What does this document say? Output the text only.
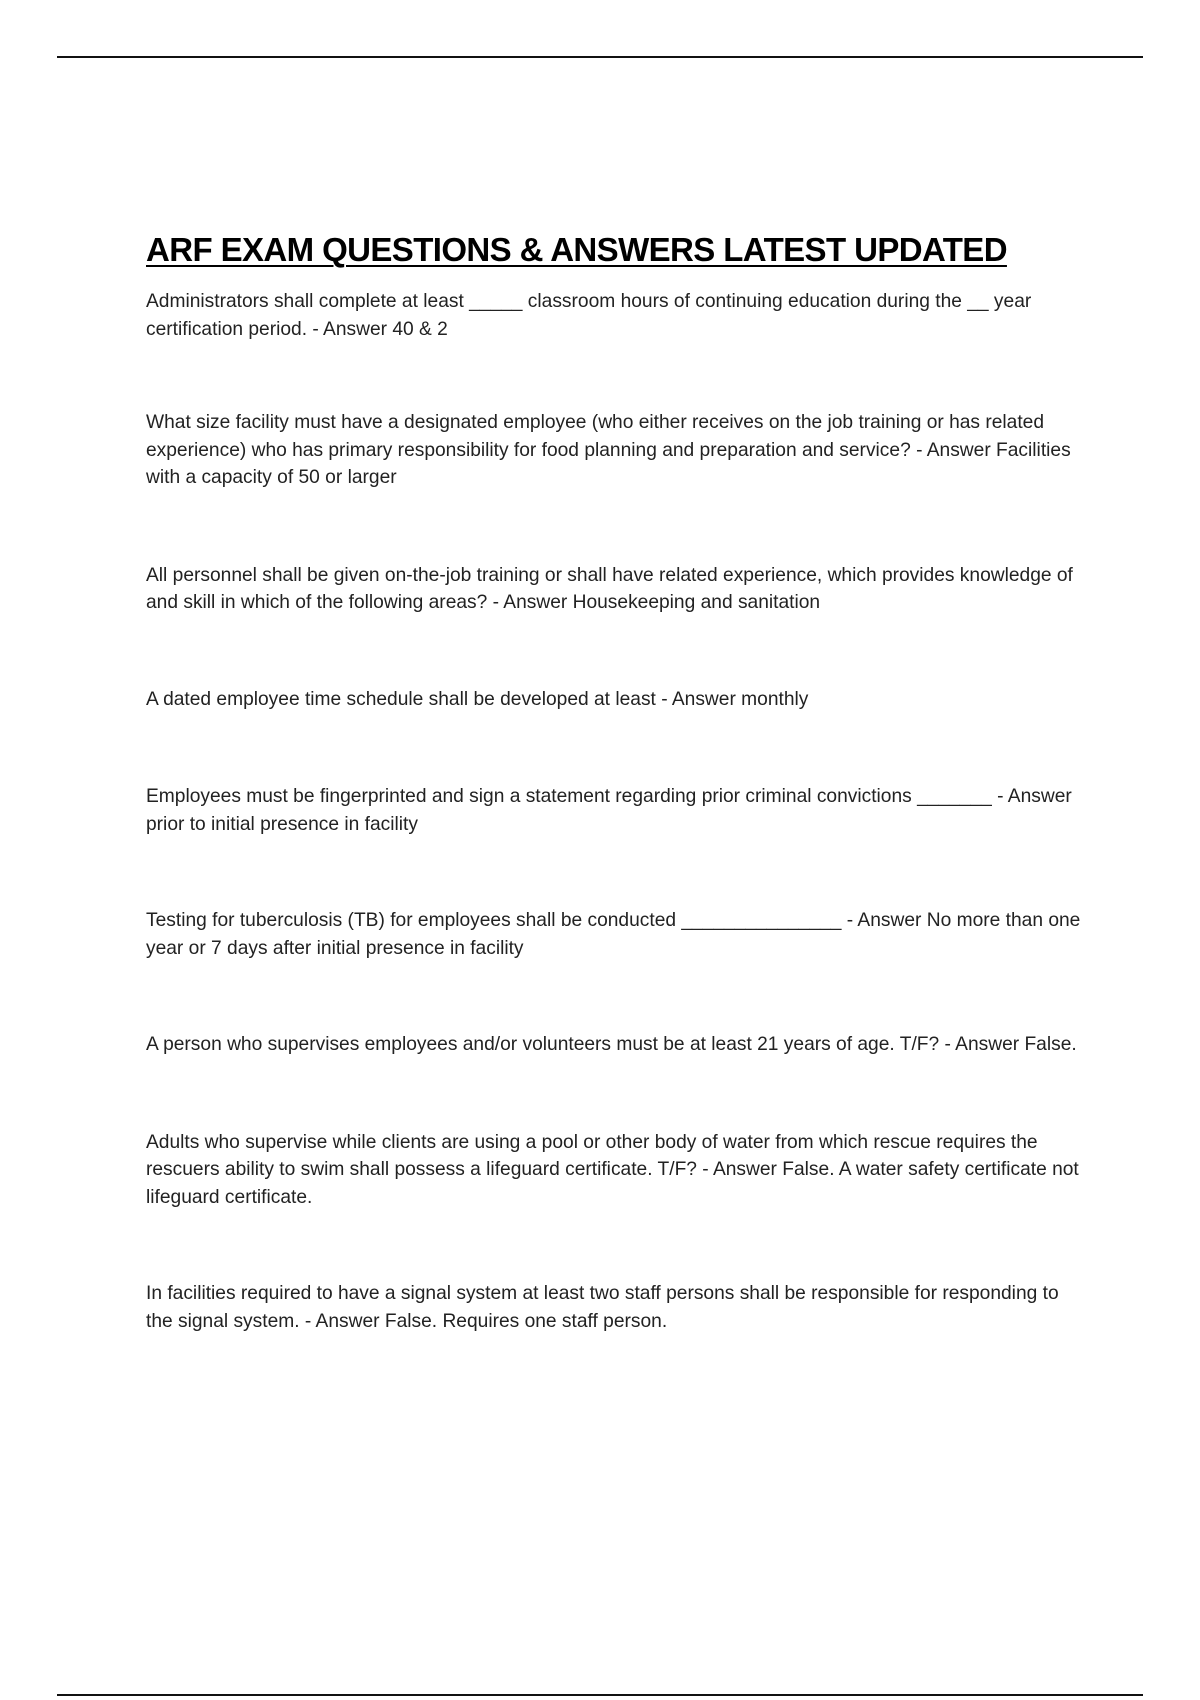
ARF EXAM QUESTIONS & ANSWERS LATEST UPDATED
Administrators shall complete at least _____ classroom hours of continuing education during the __ year certification period. - Answer 40 & 2
What size facility must have a designated employee (who either receives on the job training or has related experience) who has primary responsibility for food planning and preparation and service? - Answer Facilities with a capacity of 50 or larger
All personnel shall be given on-the-job training or shall have related experience, which provides knowledge of and skill in which of the following areas? - Answer Housekeeping and sanitation
A dated employee time schedule shall be developed at least - Answer monthly
Employees must be fingerprinted and sign a statement regarding prior criminal convictions _______ - Answer prior to initial presence in facility
Testing for tuberculosis (TB) for employees shall be conducted _______________ - Answer No more than one year or 7 days after initial presence in facility
A person who supervises employees and/or volunteers must be at least 21 years of age. T/F? - Answer False.
Adults who supervise while clients are using a pool or other body of water from which rescue requires the rescuers ability to swim shall possess a lifeguard certificate. T/F? - Answer False. A water safety certificate not lifeguard certificate.
In facilities required to have a signal system at least two staff persons shall be responsible for responding to the signal system. - Answer False. Requires one staff person.
